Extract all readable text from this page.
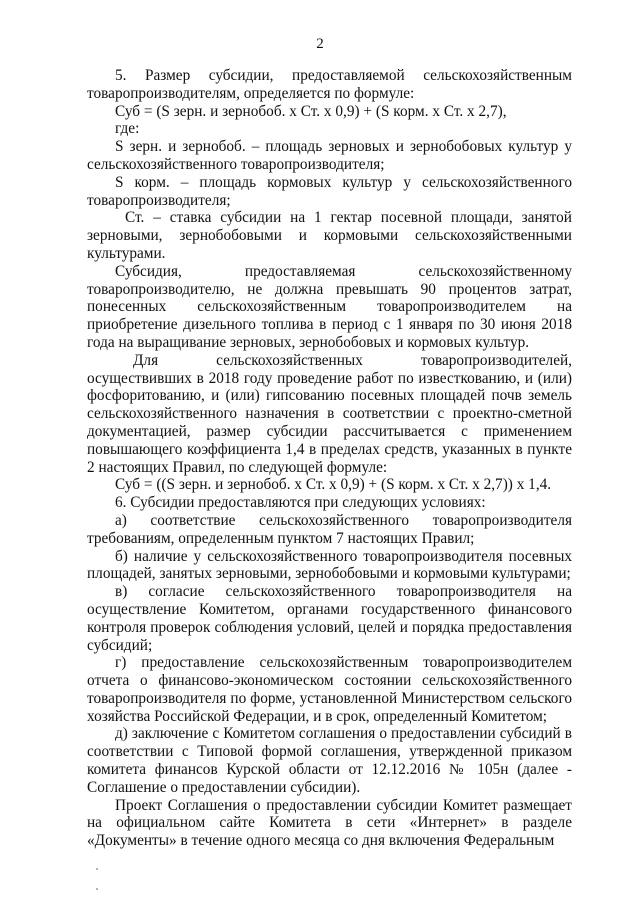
2

5. Размер субсидии, предоставляемой сельскохозяйственным товаропроизводителям, определяется по формуле:

Суб = (S зерн. и зернобоб. х Ст. х 0,9) + (S корм. х Ст. х 2,7),

где:

S зерн. и зернобоб. – площадь зерновых и зернобобовых культур у сельскохозяйственного товаропроизводителя;

S корм. – площадь кормовых культур у сельскохозяйственного товаропроизводителя;

Ст. – ставка субсидии на 1 гектар посевной площади, занятой зерновыми, зернобобовыми и кормовыми сельскохозяйственными культурами.

Субсидия, предоставляемая сельскохозяйственному товаропроизводителю, не должна превышать 90 процентов затрат, понесенных сельскохозяйственным товаропроизводителем на приобретение дизельного топлива в период с 1 января по 30 июня 2018 года на выращивание зерновых, зернобобовых и кормовых культур.

Для сельскохозяйственных товаропроизводителей, осуществивших в 2018 году проведение работ по известкованию, и (или) фосфоритованию, и (или) гипсованию посевных площадей почв земель сельскохозяйственного назначения в соответствии с проектно-сметной документацией, размер субсидии рассчитывается с применением повышающего коэффициента 1,4 в пределах средств, указанных в пункте 2 настоящих Правил, по следующей формуле:

Суб = ((S зерн. и зернобоб. х Ст. х 0,9) + (S корм. х Ст. х 2,7)) х 1,4.

6. Субсидии предоставляются при следующих условиях:

а) соответствие сельскохозяйственного товаропроизводителя требованиям, определенным пунктом 7 настоящих Правил;

б) наличие у сельскохозяйственного товаропроизводителя посевных площадей, занятых зерновыми, зернобобовыми и кормовыми культурами;

в) согласие сельскохозяйственного товаропроизводителя на осуществление Комитетом, органами государственного финансового контроля проверок соблюдения условий, целей и порядка предоставления субсидий;

г) предоставление сельскохозяйственным товаропроизводителем отчета о финансово-экономическом состоянии сельскохозяйственного товаропроизводителя по форме, установленной Министерством сельского хозяйства Российской Федерации, и в срок, определенный Комитетом;

д) заключение с Комитетом соглашения о предоставлении субсидий в соответствии с Типовой формой соглашения, утвержденной приказом комитета финансов Курской области от 12.12.2016 № 105н (далее - Соглашение о предоставлении субсидии).

Проект Соглашения о предоставлении субсидии Комитет размещает на официальном сайте Комитета в сети «Интернет» в разделе «Документы» в течение одного месяца со дня включения Федеральным
